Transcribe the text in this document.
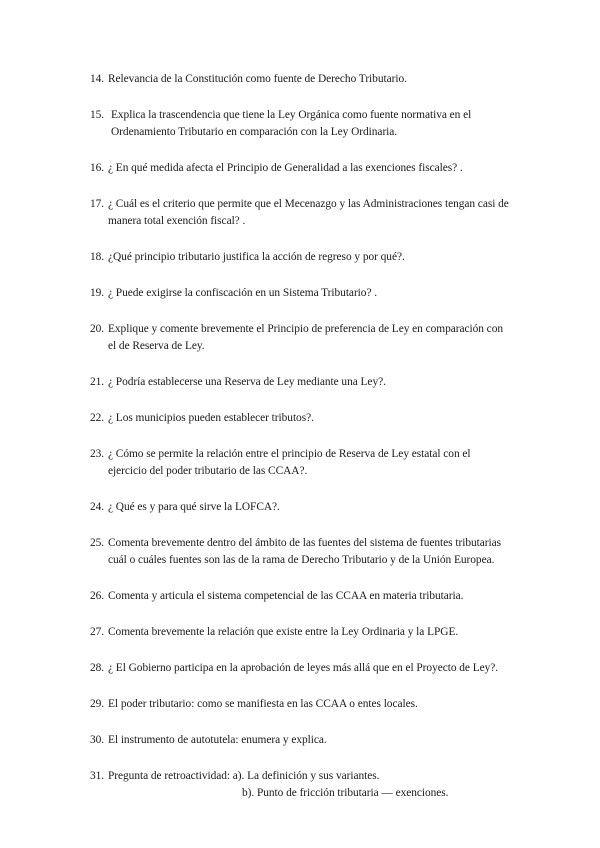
14. Relevancia de la Constitución como fuente de Derecho Tributario.
15. Explica la trascendencia que tiene la Ley Orgánica como fuente normativa en el Ordenamiento Tributario en comparación con la Ley Ordinaria.
16. ¿ En qué medida afecta el Principio de Generalidad a las exenciones fiscales? .
17. ¿ Cuál es el criterio que permite que el Mecenazgo y las Administraciones tengan casi de manera total exención fiscal? .
18. ¿Qué principio tributario justifica la acción de regreso y por qué?.
19. ¿ Puede exigirse la confiscación en un Sistema Tributario? .
20. Explique y comente brevemente el Principio de preferencia de Ley en comparación con el de Reserva de Ley.
21. ¿ Podría establecerse una Reserva de Ley mediante una Ley?.
22. ¿ Los municipios pueden establecer tributos?.
23. ¿ Cómo se permite la relación entre el principio de Reserva de Ley estatal con el ejercicio del poder tributario de las CCAA?.
24. ¿ Qué es y para qué sirve la LOFCA?.
25. Comenta brevemente dentro del ámbito de las fuentes del sistema de fuentes tributarias cuál o cuáles fuentes son las de la rama de Derecho Tributario y de la Unión Europea.
26. Comenta y articula el sistema competencial de las CCAA en materia tributaria.
27. Comenta brevemente la relación que existe entre la Ley Ordinaria y la LPGE.
28. ¿ El Gobierno participa en la aprobación de leyes más allá que en el Proyecto de Ley?.
29. El poder tributario: como se manifiesta en las CCAA o entes locales.
30. El instrumento de autotutela: enumera y explica.
31. Pregunta de retroactividad: a). La definición y sus variantes.
b). Punto de fricción tributaria — exenciones.
